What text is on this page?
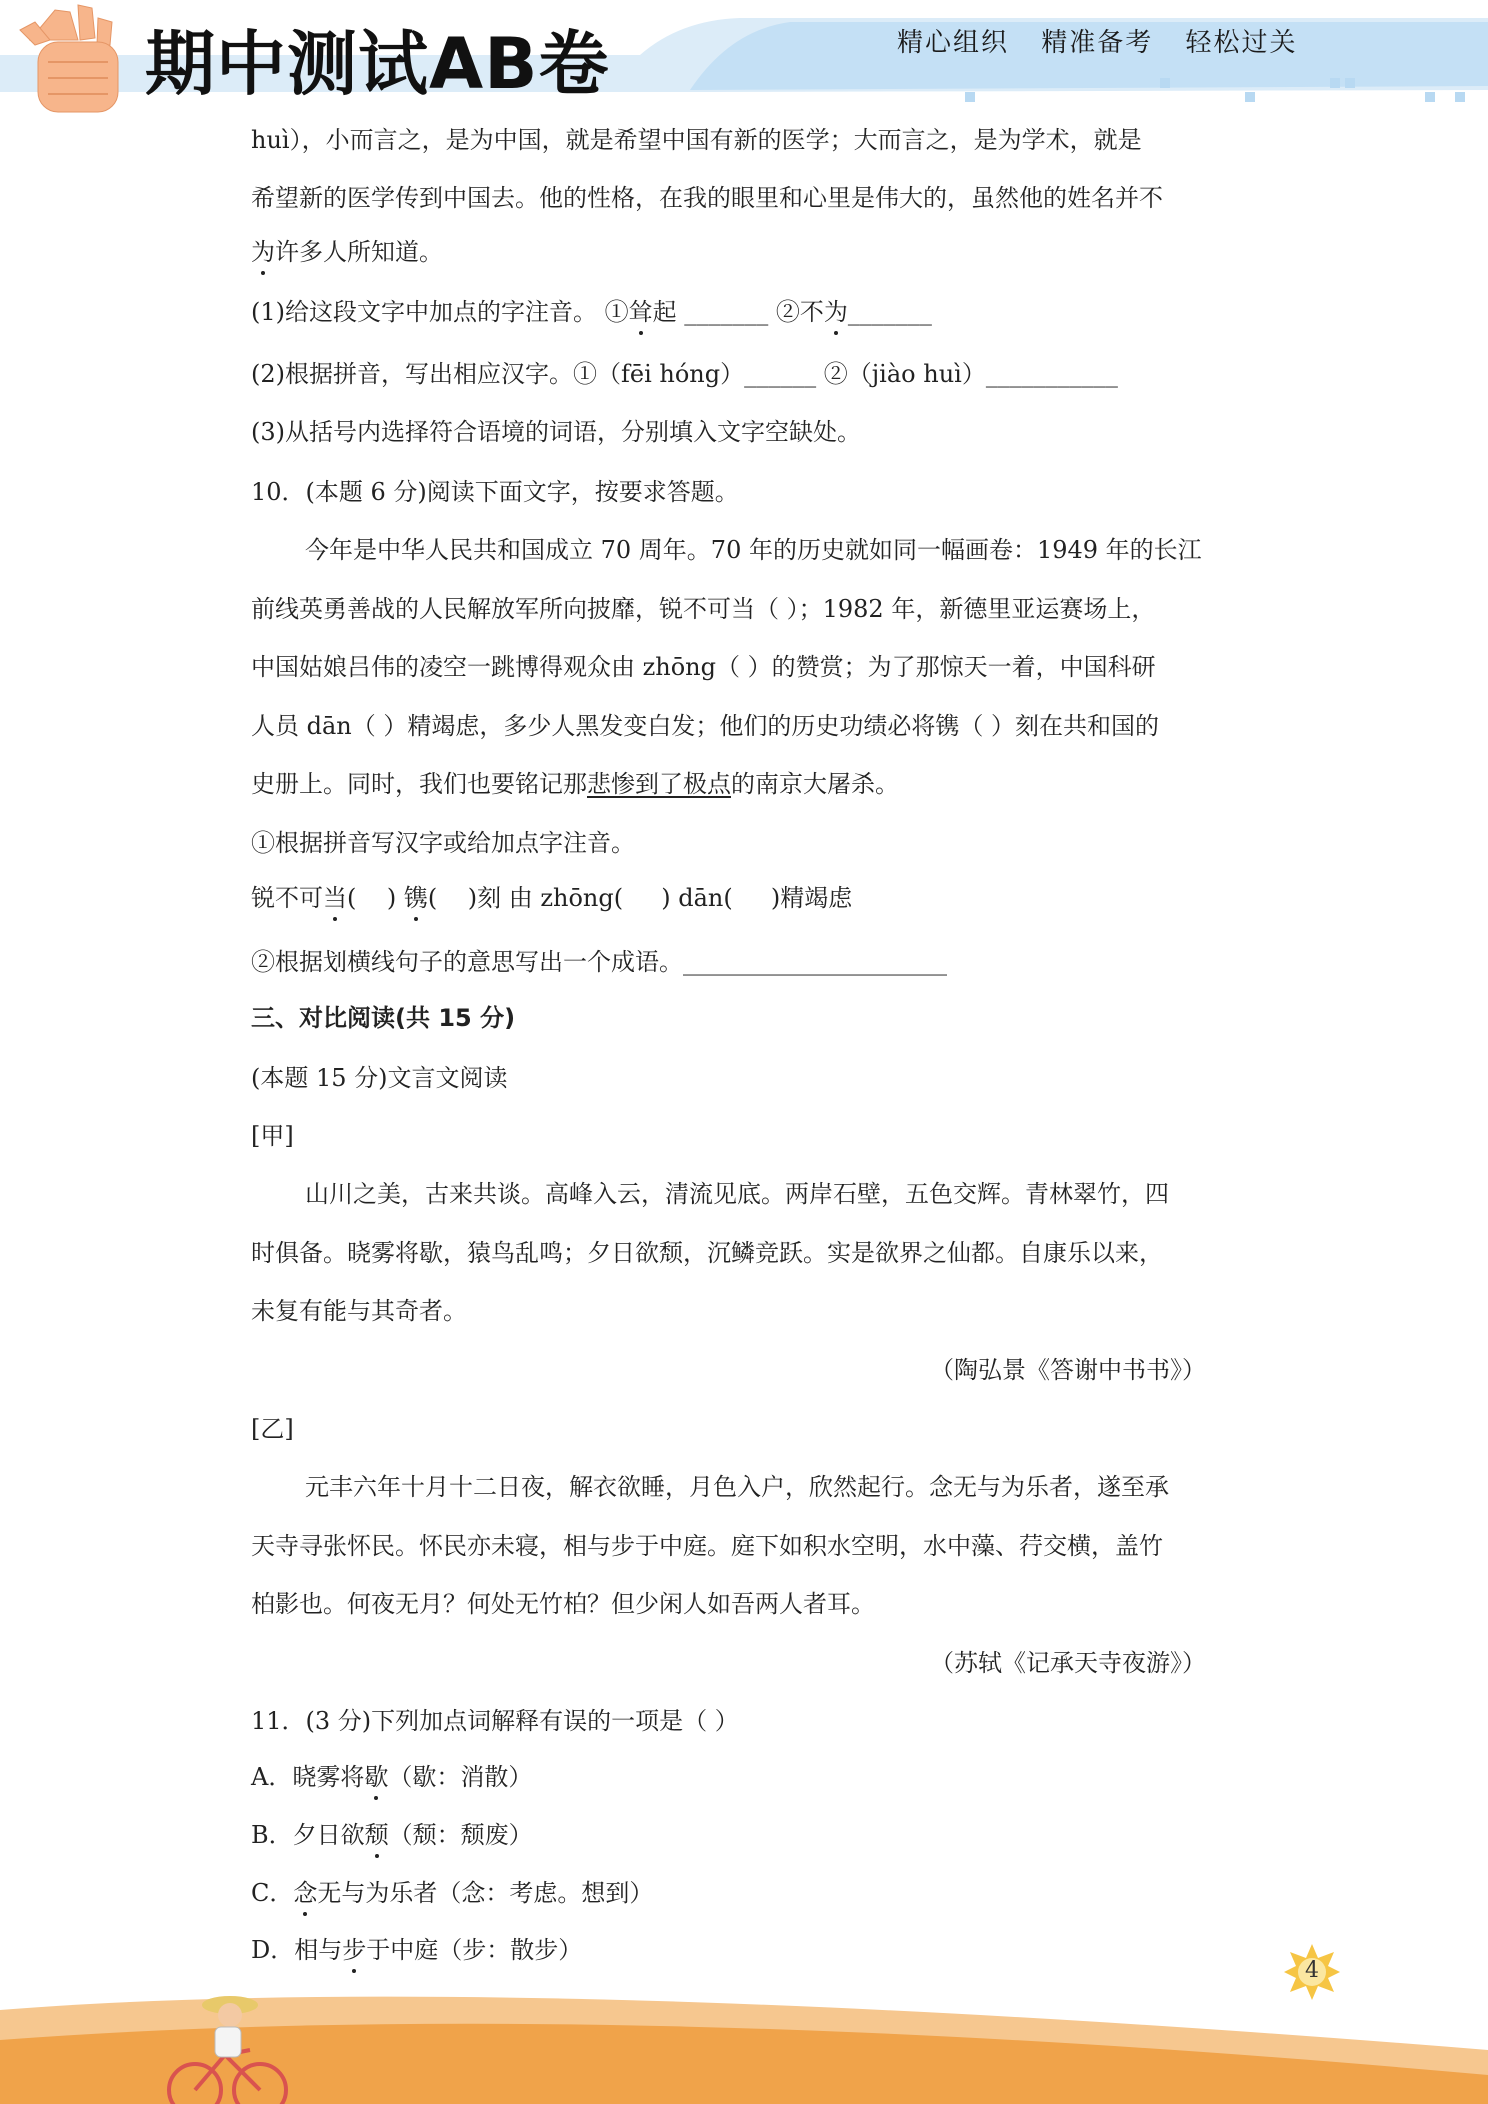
期中测试AB卷	精心组织 精准备考 轻松过关
huì），小而言之，是为中国，就是希望中国有新的医学；大而言之，是为学术，就是
希望新的医学传到中国去。他的性格，在我的眼里和心里是伟大的，虽然他的姓名并不
为许多人所知道。
(1)给这段文字中加点的字注音。 ①耸起 _______ ②不为_______
(2)根据拼音，写出相应汉字。①（fēi hóng）______ ②（jiào huì）___________
(3)从括号内选择符合语境的词语，分别填入文字空缺处。
10．(本题 6 分)阅读下面文字，按要求答题。
今年是中华人民共和国成立 70 周年。70 年的历史就如同一幅画卷：1949 年的长江
前线英勇善战的人民解放军所向披靡，锐不可当（ ）；1982 年，新德里亚运赛场上，
中国姑娘吕伟的凌空一跳博得观众由 zhōng（ ）的赞赏；为了那惊天一着，中国科研
人员 dān（ ）精竭虑，多少人黑发变白发；他们的历史功绩必将镌（ ）刻在共和国的
史册上。同时，我们也要铭记那悲惨到了极点的南京大屠杀。
①根据拼音写汉字或给加点字注音。
锐不可当(    ) 镌(    )刻 由 zhōng(     ) dān(     )精竭虑
②根据划横线句子的意思写出一个成语。______________________
三、对比阅读(共 15 分)
(本题 15 分)文言文阅读
[甲]
山川之美，古来共谈。高峰入云，清流见底。两岸石壁，五色交辉。青林翠竹，四
时俱备。晓雾将歇，猿鸟乱鸣；夕日欲颓，沉鳞竞跃。实是欲界之仙都。自康乐以来，
未复有能与其奇者。
（陶弘景《答谢中书书》）
[乙]
元丰六年十月十二日夜，解衣欲睡，月色入户，欣然起行。念无与为乐者，遂至承
天寺寻张怀民。怀民亦未寝，相与步于中庭。庭下如积水空明，水中藻、荇交横，盖竹
柏影也。何夜无月？何处无竹柏？但少闲人如吾两人者耳。
（苏轼《记承天寺夜游》）
11．(3 分)下列加点词解释有误的一项是（ ）
A．晓雾将歇（歇：消散）
B．夕日欲颓（颓：颓废）
C．念无与为乐者（念：考虑。想到）
D．相与步于中庭（步：散步）
4
